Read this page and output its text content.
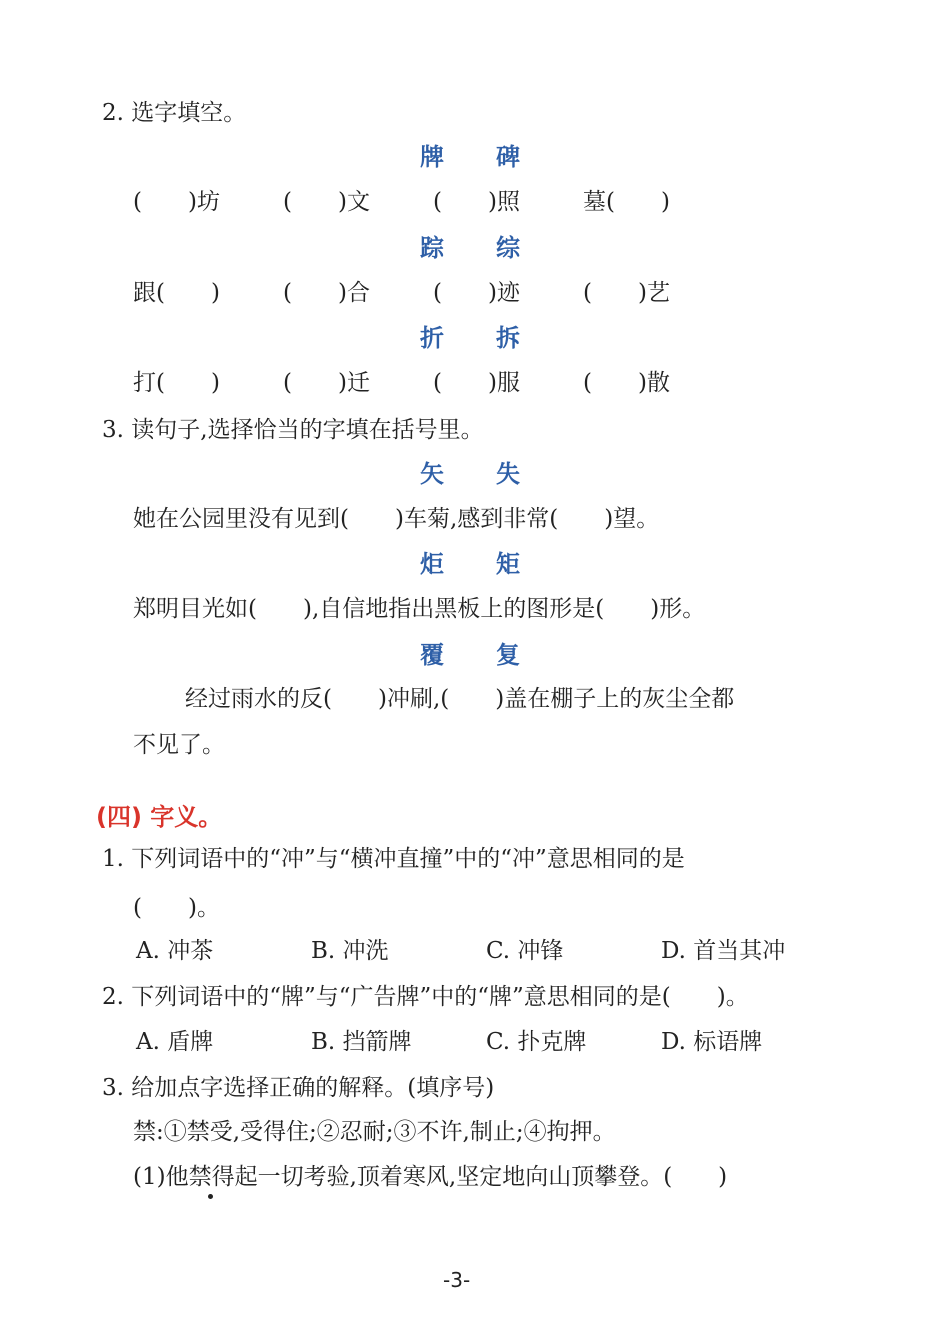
2. 选字填空。
牌 碑
(　　)坊	(　　)文	(　　)照	墓(　　)
踪 综
跟(　　)	(　　)合	(　　)迹	(　　)艺
折 拆
打(　　)	(　　)迁	(　　)服	(　　)散
3. 读句子,选择恰当的字填在括号里。
矢 失
她在公园里没有见到(　　)车菊,感到非常(　　)望。
炬 矩
郑明目光如(　　),自信地指出黑板上的图形是(　　)形。
覆 复
经过雨水的反(　　)冲刷,(　　)盖在棚子上的灰尘全都
不见了。
(四) 字义。
1. 下列词语中的“冲”与“横冲直撞”中的“冲”意思相同的是
(　　)。
A. 冲茶	B. 冲洗	C. 冲锋	D. 首当其冲
2. 下列词语中的“牌”与“广告牌”中的“牌”意思相同的是(　　)。
A. 盾牌	B. 挡箭牌	C. 扑克牌	D. 标语牌
3. 给加点字选择正确的解释。(填序号)
禁:①禁受,受得住;②忍耐;③不许,制止;④拘押。
(1)他禁得起一切考验,顶着寒风,坚定地向山顶攀登。(　　)
-3-
